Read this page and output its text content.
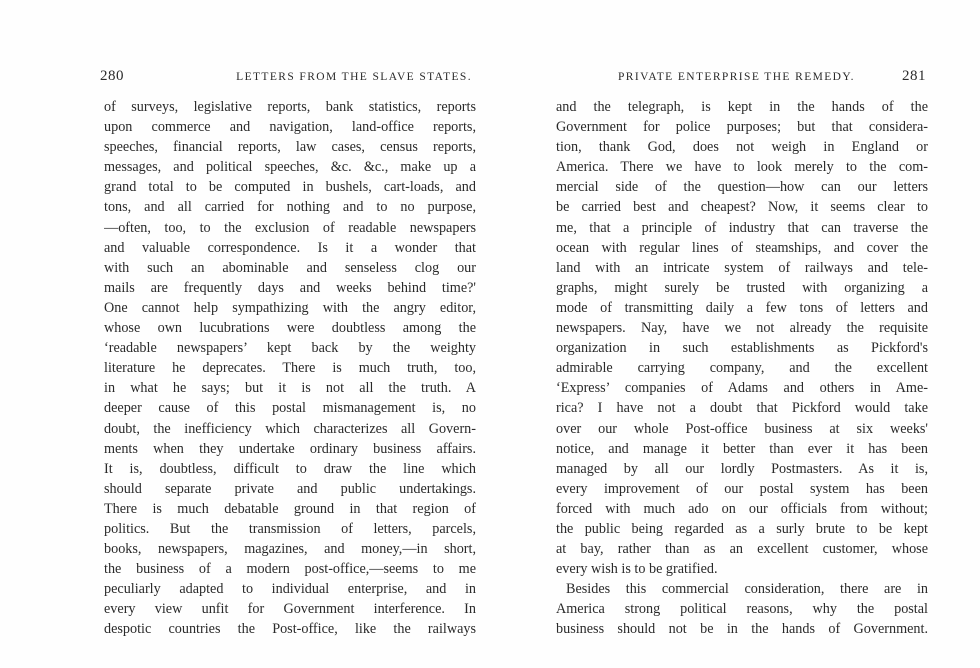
280	LETTERS FROM THE SLAVE STATES.
of surveys, legislative reports, bank statistics, reports
upon commerce and navigation, land-office reports,
speeches, financial reports, law cases, census reports,
messages, and political speeches, &c. &c., make up a
grand total to be computed in bushels, cart-loads, and
tons, and all carried for nothing and to no purpose,
—often, too, to the exclusion of readable newspapers
and valuable correspondence. Is it a wonder that
with such an abominable and senseless clog our
mails are frequently days and weeks behind time?'
One cannot help sympathizing with the angry editor,
whose own lucubrations were doubtless among the
‘readable newspapers’ kept back by the weighty
literature he deprecates. There is much truth, too,
in what he says; but it is not all the truth. A
deeper cause of this postal mismanagement is, no
doubt, the inefficiency which characterizes all Govern-
ments when they undertake ordinary business affairs.
It is, doubtless, difficult to draw the line which
should separate private and public undertakings.
There is much debatable ground in that region of
politics. But the transmission of letters, parcels,
books, newspapers, magazines, and money,—in short,
the business of a modern post-office,—seems to me
peculiarly adapted to individual enterprise, and in
every view unfit for Government interference. In
despotic countries the Post-office, like the railways
PRIVATE ENTERPRISE THE REMEDY.	281
and the telegraph, is kept in the hands of the
Government for police purposes; but that considera-
tion, thank God, does not weigh in England or
America. There we have to look merely to the com-
mercial side of the question—how can our letters
be carried best and cheapest? Now, it seems clear to
me, that a principle of industry that can traverse the
ocean with regular lines of steamships, and cover the
land with an intricate system of railways and tele-
graphs, might surely be trusted with organizing a
mode of transmitting daily a few tons of letters and
newspapers. Nay, have we not already the requisite
organization in such establishments as Pickford's
admirable carrying company, and the excellent
‘Express’ companies of Adams and others in Ame-
rica? I have not a doubt that Pickford would take
over our whole Post-office business at six weeks'
notice, and manage it better than ever it has been
managed by all our lordly Postmasters. As it is,
every improvement of our postal system has been
forced with much ado on our officials from without;
the public being regarded as a surly brute to be kept
at bay, rather than as an excellent customer, whose
every wish is to be gratified.
Besides this commercial consideration, there are in
America strong political reasons, why the postal
business should not be in the hands of Government.
